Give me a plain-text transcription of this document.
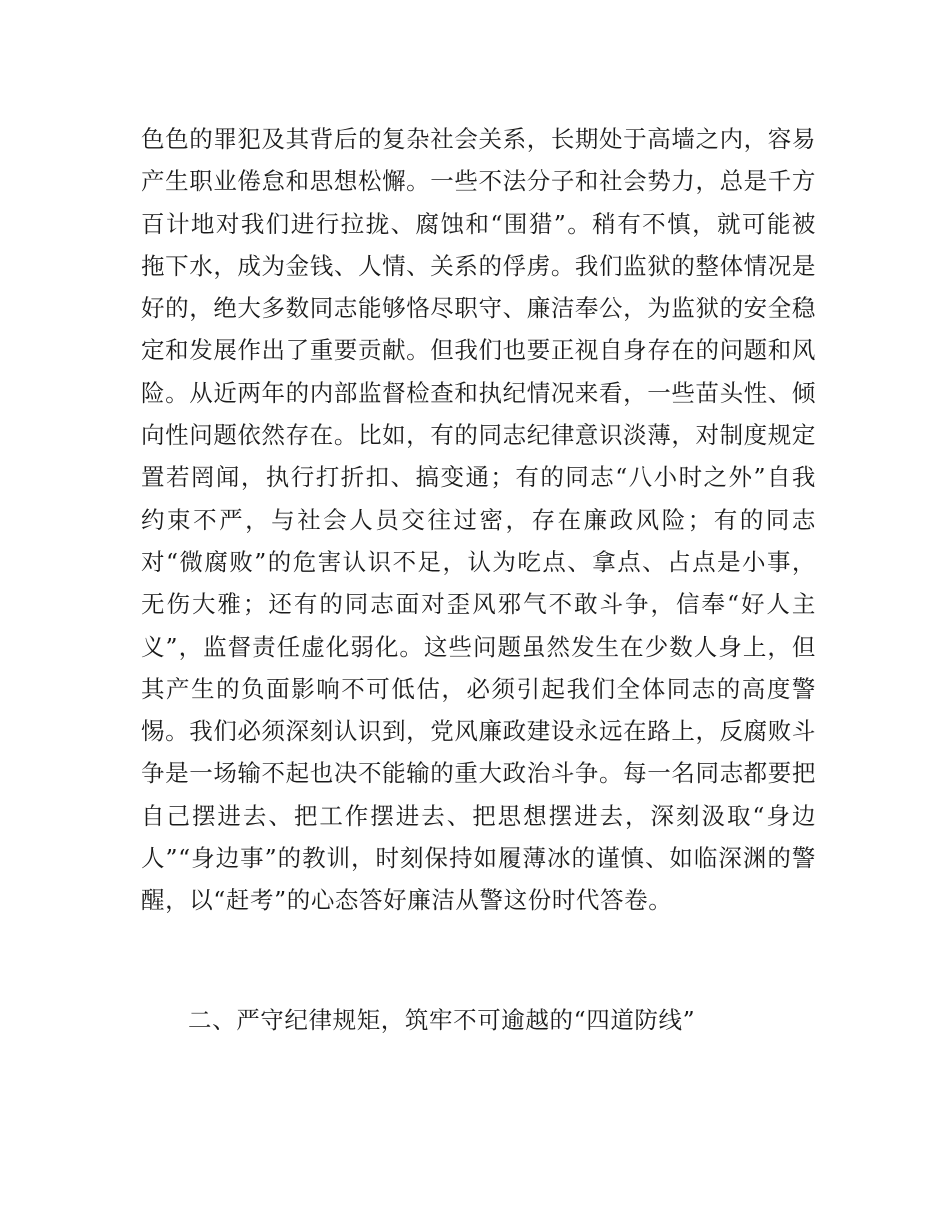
色色的罪犯及其背后的复杂社会关系，长期处于高墙之内，容易产生职业倦怠和思想松懈。一些不法分子和社会势力，总是千方百计地对我们进行拉拢、腐蚀和“围猎”。稍有不慎，就可能被拖下水，成为金钱、人情、关系的俘虏。我们监狱的整体情况是好的，绝大多数同志能够恪尽职守、廉洁奉公，为监狱的安全稳定和发展作出了重要贡献。但我们也要正视自身存在的问题和风险。从近两年的内部监督检查和执纪情况来看，一些苗头性、倾向性问题依然存在。比如，有的同志纪律意识淡薄，对制度规定置若罔闻，执行打折扣、搞变通；有的同志“八小时之外”自我约束不严，与社会人员交往过密，存在廉政风险；有的同志对“微腐败”的危害认识不足，认为吃点、拿点、占点是小事，无伤大雅；还有的同志面对歪风邪气不敢斗争，信奉“好人主义”，监督责任虚化弱化。这些问题虽然发生在少数人身上，但其产生的负面影响不可低估，必须引起我们全体同志的高度警惕。我们必须深刻认识到，党风廉政建设永远在路上，反腐败斗争是一场输不起也决不能输的重大政治斗争。每一名同志都要把自己摆进去、把工作摆进去、把思想摆进去，深刻汲取“身边人”“身边事”的教训，时刻保持如履薄冰的谨慎、如临深渊的警醒，以“赶考”的心态答好廉洁从警这份时代答卷。

二、严守纪律规矩，筑牢不可逾越的“四道防线”
